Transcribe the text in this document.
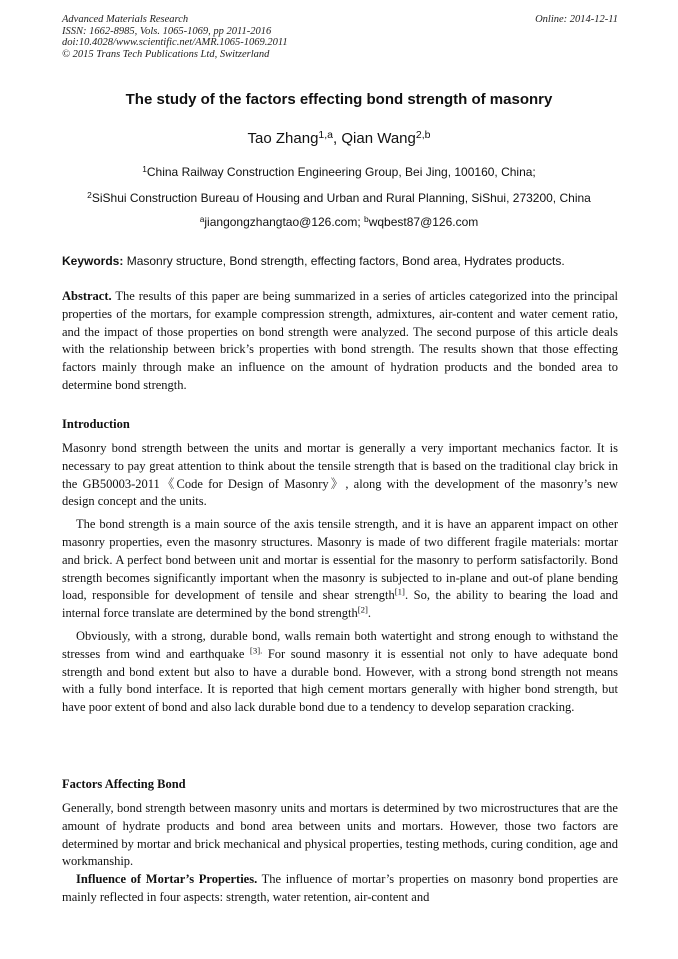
Advanced Materials Research
ISSN: 1662-8985, Vols. 1065-1069, pp 2011-2016
doi:10.4028/www.scientific.net/AMR.1065-1069.2011
© 2015 Trans Tech Publications Ltd, Switzerland
Online: 2014-12-11
The study of the factors effecting bond strength of masonry
Tao Zhang$^{1,a}$, Qian Wang$^{2,b}$
$^1$China Railway Construction Engineering Group, Bei Jing, 100160, China;
$^2$SiShui Construction Bureau of Housing and Urban and Rural Planning, SiShui, 273200, China
$^a$jiangongzhangtao@126.com; $^b$wqbest87@126.com
Keywords: Masonry structure, Bond strength, effecting factors, Bond area, Hydrates products.

Abstract. The results of this paper are being summarized in a series of articles categorized into the principal properties of the mortars, for example compression strength, admixtures, air-content and water cement ratio, and the impact of those properties on bond strength were analyzed. The second purpose of this article deals with the relationship between brick’s properties with bond strength. The results shown that those effecting factors mainly through make an influence on the amount of hydration products and the bonded area to determine bond strength.

Introduction

Masonry bond strength between the units and mortar is generally a very important mechanics factor. It is necessary to pay great attention to think about the tensile strength that is based on the traditional clay brick in the GB50003-2011《Code for Design of Masonry》, along with the development of the masonry’s new design concept and the units.

The bond strength is a main source of the axis tensile strength, and it is have an apparent impact on other masonry properties, even the masonry structures. Masonry is made of two different fragile materials: mortar and brick. A perfect bond between unit and mortar is essential for the masonry to perform satisfactorily. Bond strength becomes significantly important when the masonry is subjected to in-plane and out-of plane bending load, responsible for development of tensile and shear strength[1]. So, the ability to bearing the load and internal force translate are determined by the bond strength[2].

Obviously, with a strong, durable bond, walls remain both watertight and strong enough to withstand the stresses from wind and earthquake $^{[3].}$ For sound masonry it is essential not only to have adequate bond strength and bond extent but also to have a durable bond. However, with a strong bond strength not means with a fully bond interface. It is reported that high cement mortars generally with higher bond strength, but have poor extent of bond and also lack durable bond due to a tendency to develop separation cracking.

Factors Affecting Bond

Generally, bond strength between masonry units and mortars is determined by two microstructures that are the amount of hydrate products and bond area between units and mortars. However, those two factors are determined by mortar and brick mechanical and physical properties, testing methods, curing condition, age and workmanship.

Influence of Mortar’s Properties. The influence of mortar’s properties on masonry bond properties are mainly reflected in four aspects: strength, water retention, air-content and
